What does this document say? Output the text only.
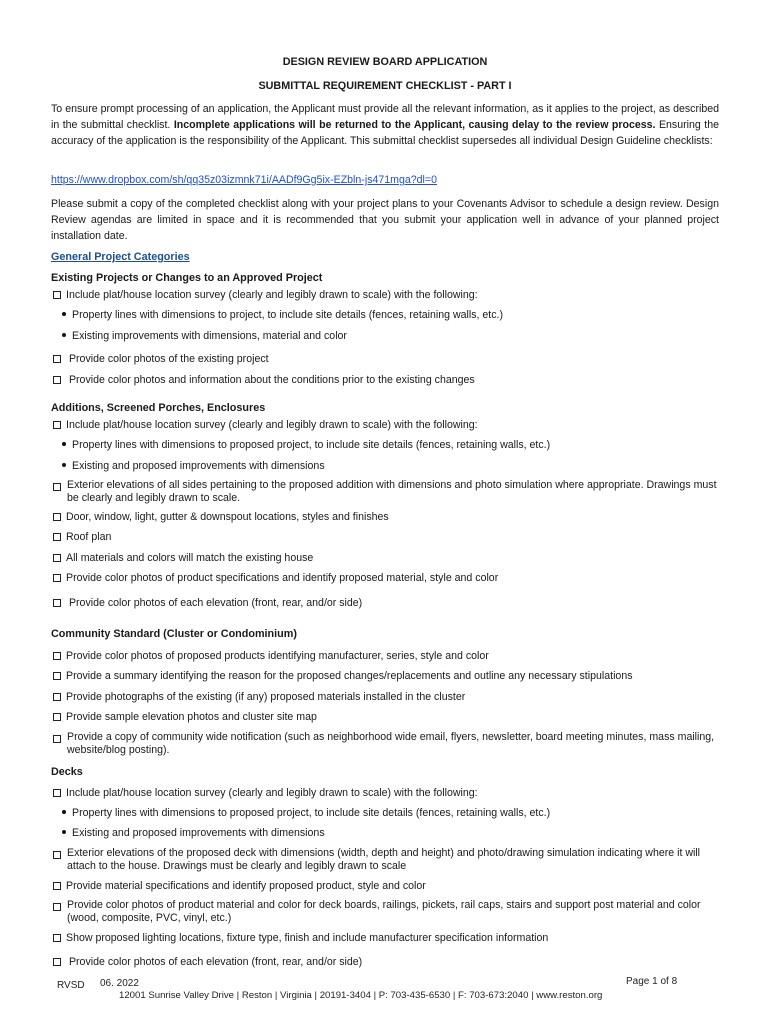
DESIGN REVIEW BOARD APPLICATION
SUBMITTAL REQUIREMENT CHECKLIST - PART I
To ensure prompt processing of an application, the Applicant must provide all the relevant information, as it applies to the project, as described in the submittal checklist. Incomplete applications will be returned to the Applicant, causing delay to the review process. Ensuring the accuracy of the application is the responsibility of the Applicant. This submittal checklist supersedes all individual Design Guideline checklists:
https://www.dropbox.com/sh/qq35z03izmnk71i/AADf9Gg5ix-EZbln-js471mga?dl=0
Please submit a copy of the completed checklist along with your project plans to your Covenants Advisor to schedule a design review. Design Review agendas are limited in space and it is recommended that you submit your application well in advance of your planned project installation date.
General Project Categories
Existing Projects or Changes to an Approved Project
Include plat/house location survey (clearly and legibly drawn to scale) with the following:
Property lines with dimensions to project, to include site details (fences, retaining walls, etc.)
Existing improvements with dimensions, material and color
Provide color photos of the existing project
Provide color photos and information about the conditions prior to the existing changes
Additions, Screened Porches, Enclosures
Include plat/house location survey (clearly and legibly drawn to scale) with the following:
Property lines with dimensions to proposed project, to include site details (fences, retaining walls, etc.)
Existing and proposed improvements with dimensions
Exterior elevations of all sides pertaining to the proposed addition with dimensions and photo simulation where appropriate. Drawings must be clearly and legibly drawn to scale.
Door, window, light, gutter & downspout locations, styles and finishes
Roof plan
All materials and colors will match the existing house
Provide color photos of product specifications and identify proposed material, style and color
Provide color photos of each elevation (front, rear, and/or side)
Community Standard (Cluster or Condominium)
Provide color photos of proposed products identifying manufacturer, series, style and color
Provide a summary identifying the reason for the proposed changes/replacements and outline any necessary stipulations
Provide photographs of the existing (if any) proposed materials installed in the cluster
Provide sample elevation photos and cluster site map
Provide a copy of community wide notification (such as neighborhood wide email, flyers, newsletter, board meeting minutes, mass mailing, website/blog posting).
Decks
Include plat/house location survey (clearly and legibly drawn to scale) with the following:
Property lines with dimensions to proposed project, to include site details (fences, retaining walls, etc.)
Existing and proposed improvements with dimensions
Exterior elevations of the proposed deck with dimensions (width, depth and height) and photo/drawing simulation indicating where it will attach to the house. Drawings must be clearly and legibly drawn to scale
Provide material specifications and identify proposed product, style and color
Provide color photos of product material and color for deck boards, railings, pickets, rail caps, stairs and support post material and color (wood, composite, PVC, vinyl, etc.)
Show proposed lighting locations, fixture type, finish and include manufacturer specification information
Provide color photos of each elevation (front, rear, and/or side)
RVSD 06. 2022	Page 1 of 8
12001 Sunrise Valley Drive | Reston | Virginia | 20191-3404 | P: 703-435-6530 | F: 703-673:2040 | www.reston.org
